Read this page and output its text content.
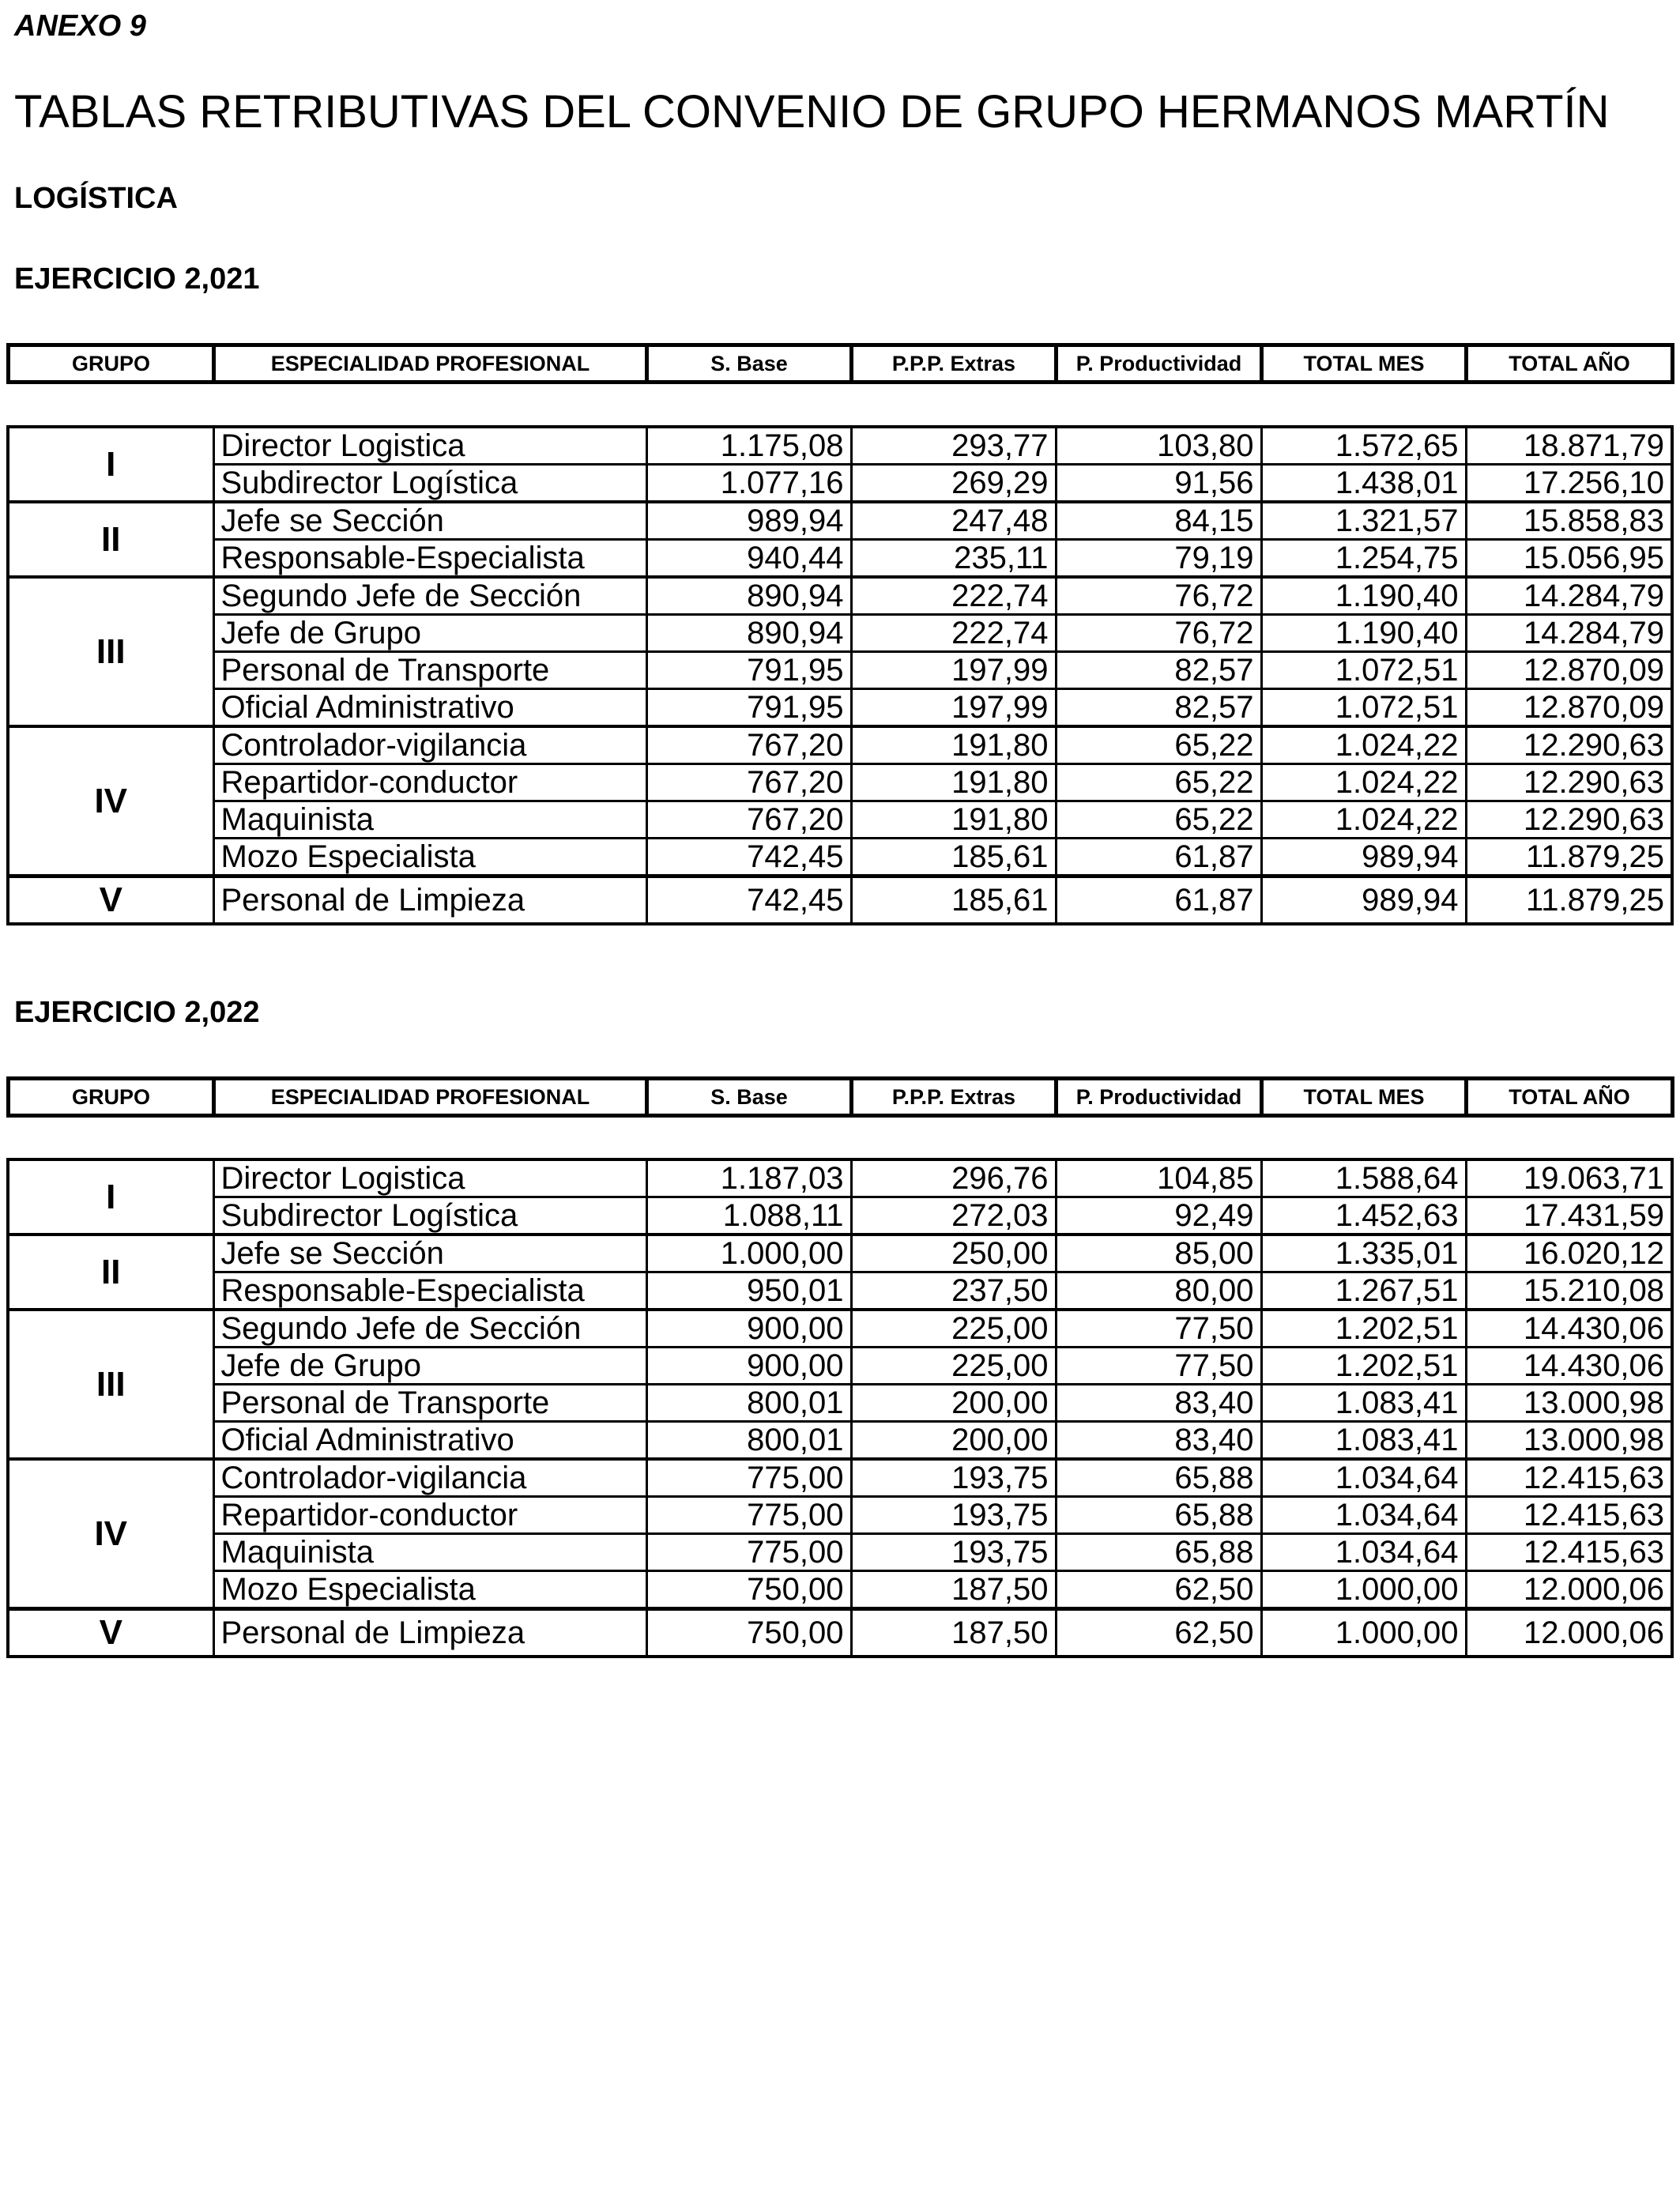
ANEXO 9
TABLAS RETRIBUTIVAS DEL CONVENIO DE GRUPO HERMANOS MARTÍN
LOGÍSTICA
EJERCICIO 2,021
GRUPO	ESPECIALIDAD PROFESIONAL	S. Base	P.P.P. Extras	P. Productividad	TOTAL MES	TOTAL AÑO
I	Director Logistica	1.175,08	293,77	103,80	1.572,65	18.871,79
	Subdirector Logística	1.077,16	269,29	91,56	1.438,01	17.256,10
II	Jefe se Sección	989,94	247,48	84,15	1.321,57	15.858,83
	Responsable-Especialista	940,44	235,11	79,19	1.254,75	15.056,95
III	Segundo Jefe de Sección	890,94	222,74	76,72	1.190,40	14.284,79
	Jefe de Grupo	890,94	222,74	76,72	1.190,40	14.284,79
	Personal de Transporte	791,95	197,99	82,57	1.072,51	12.870,09
	Oficial Administrativo	791,95	197,99	82,57	1.072,51	12.870,09
IV	Controlador-vigilancia	767,20	191,80	65,22	1.024,22	12.290,63
	Repartidor-conductor	767,20	191,80	65,22	1.024,22	12.290,63
	Maquinista	767,20	191,80	65,22	1.024,22	12.290,63
	Mozo Especialista	742,45	185,61	61,87	989,94	11.879,25
V	Personal de Limpieza	742,45	185,61	61,87	989,94	11.879,25
EJERCICIO 2,022
GRUPO	ESPECIALIDAD PROFESIONAL	S. Base	P.P.P. Extras	P. Productividad	TOTAL MES	TOTAL AÑO
I	Director Logistica	1.187,03	296,76	104,85	1.588,64	19.063,71
	Subdirector Logística	1.088,11	272,03	92,49	1.452,63	17.431,59
II	Jefe se Sección	1.000,00	250,00	85,00	1.335,01	16.020,12
	Responsable-Especialista	950,01	237,50	80,00	1.267,51	15.210,08
III	Segundo Jefe de Sección	900,00	225,00	77,50	1.202,51	14.430,06
	Jefe de Grupo	900,00	225,00	77,50	1.202,51	14.430,06
	Personal de Transporte	800,01	200,00	83,40	1.083,41	13.000,98
	Oficial Administrativo	800,01	200,00	83,40	1.083,41	13.000,98
IV	Controlador-vigilancia	775,00	193,75	65,88	1.034,64	12.415,63
	Repartidor-conductor	775,00	193,75	65,88	1.034,64	12.415,63
	Maquinista	775,00	193,75	65,88	1.034,64	12.415,63
	Mozo Especialista	750,00	187,50	62,50	1.000,00	12.000,06
V	Personal de Limpieza	750,00	187,50	62,50	1.000,00	12.000,06
